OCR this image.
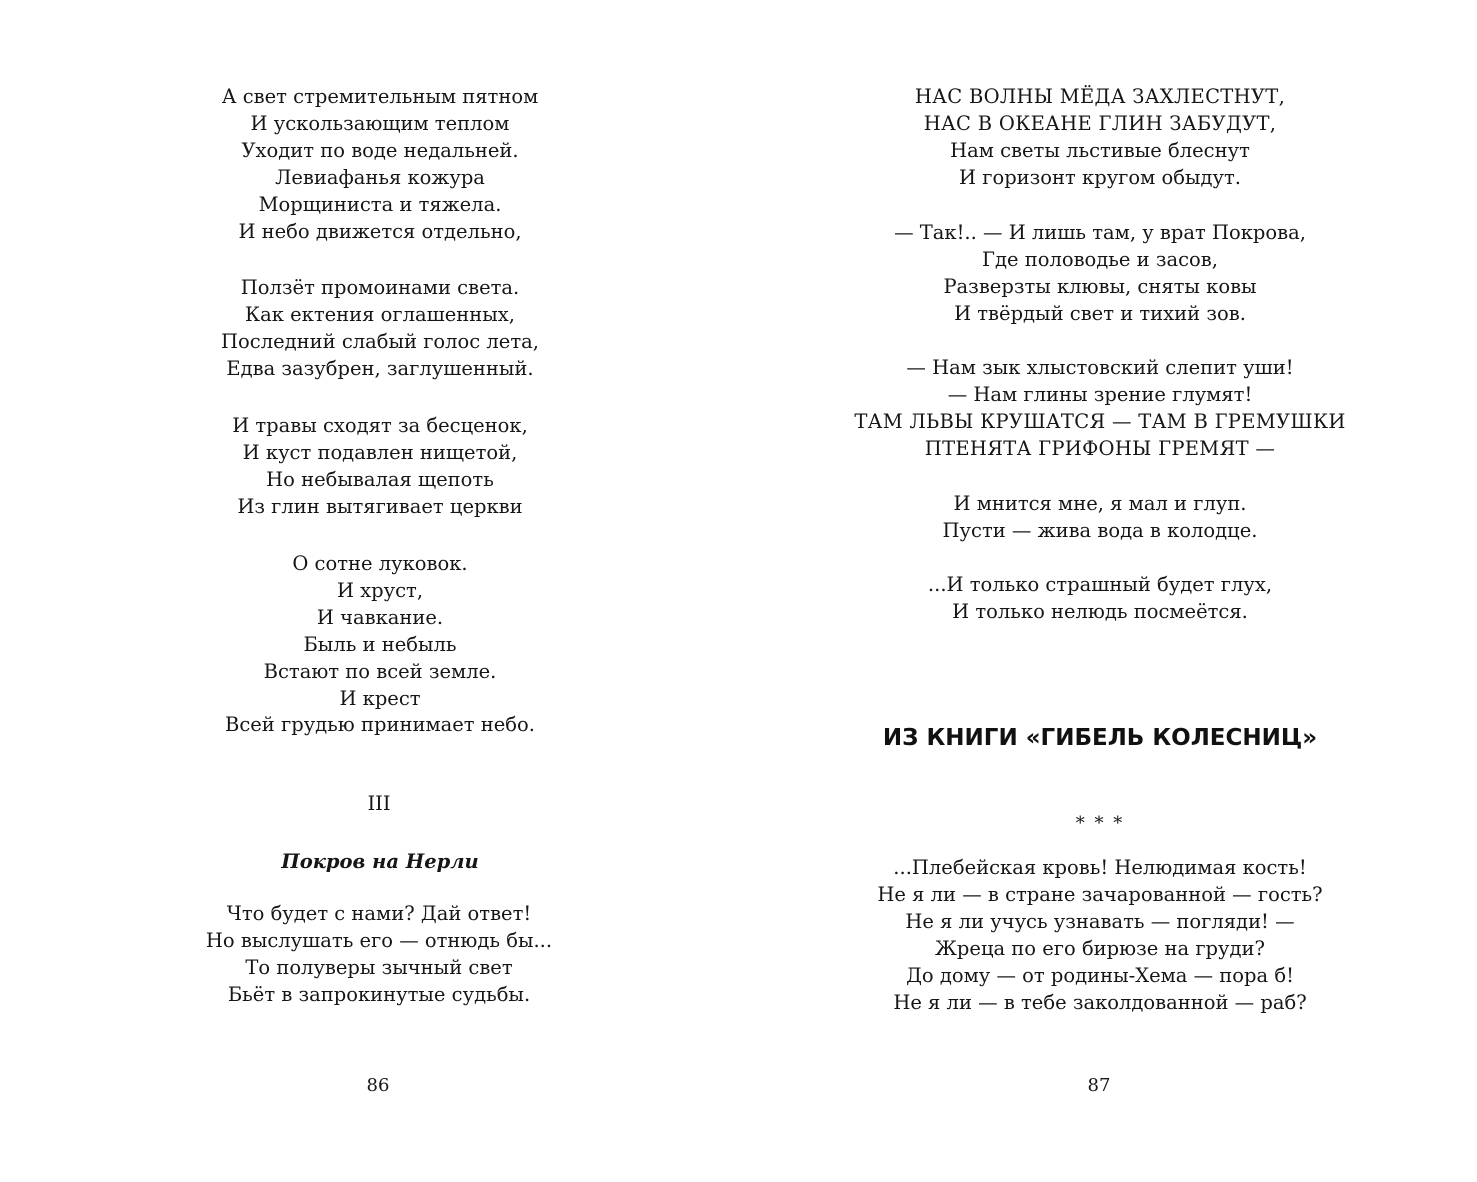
А свет стремительным пятном
И ускользающим теплом
Уходит по воде недальней.
Левиафанья кожура
Морщиниста и тяжела.
И небо движется отдельно,
Ползёт промоинами света.
Как ектения оглашенных,
Последний слабый голос лета,
Едва зазубрен, заглушенный.
И травы сходят за бесценок,
И куст подавлен нищетой,
Но небывалая щепоть
Из глин вытягивает церкви
О сотне луковок.
И хруст,
И чавкание.
Быль и небыль
Встают по всей земле.
И крест
Всей грудью принимает небо.
III
Покров на Нерли
Что будет с нами? Дай ответ!
Но выслушать его — отнюдь бы...
То полуверы зычный свет
Бьёт в запрокинутые судьбы.
86
НАС ВОЛНЫ МЁДА ЗАХЛЕСТНУТ,
НАС В ОКЕАНЕ ГЛИН ЗАБУДУТ,
Нам светы льстивые блеснут
И горизонт кругом обыдут.
— Так!.. — И лишь там, у врат Покрова,
Где половодье и засов,
Разверзты клювы, сняты ковы
И твёрдый свет и тихий зов.
— Нам зык хлыстовский слепит уши!
— Нам глины зрение глумят!
ТАМ ЛЬВЫ КРУШАТСЯ — ТАМ В ГРЕМУШКИ
ПТЕНЯТА ГРИФОНЫ ГРЕМЯТ —
И мнится мне, я мал и глуп.
Пусти — жива вода в колодце.
...И только страшный будет глух,
И только нелюдь посмеётся.
ИЗ КНИГИ «ГИБЕЛЬ КОЛЕСНИЦ»
* * *
...Плебейская кровь! Нелюдимая кость!
Не я ли — в стране зачарованной — гость?
Не я ли учусь узнавать — погляди! —
Жреца по его бирюзе на груди?
До дому — от родины-Хема — пора б!
Не я ли — в тебе заколдованной — раб?
87
